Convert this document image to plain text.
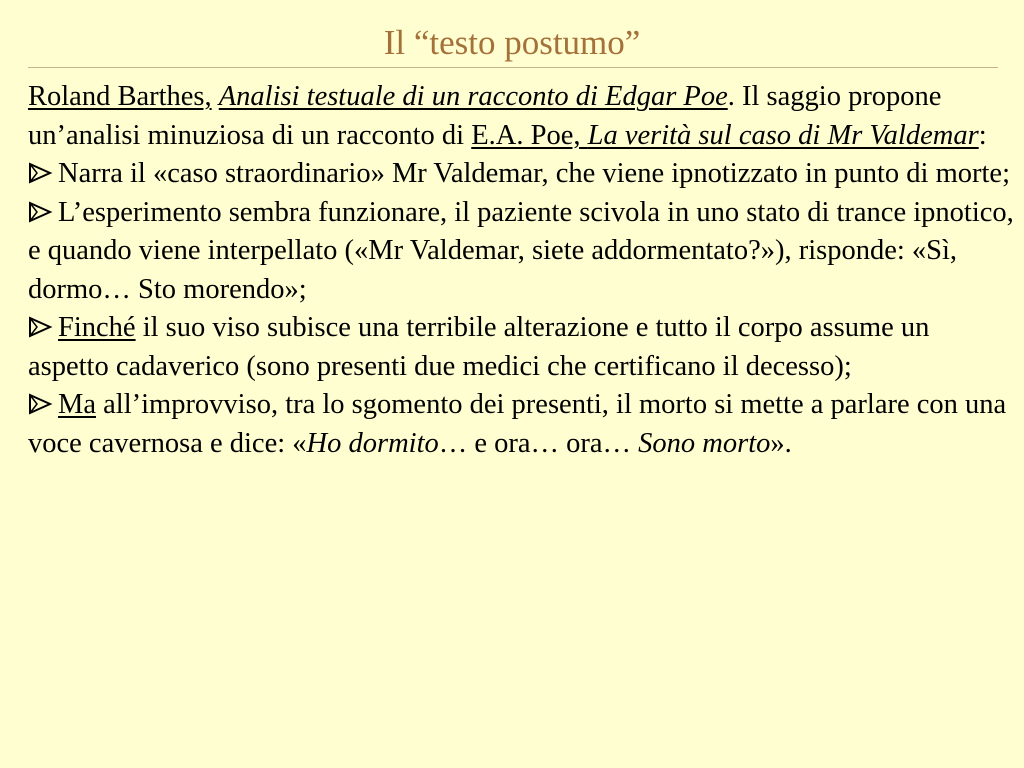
Il “testo postumo”

Roland Barthes, Analisi testuale di un racconto di Edgar Poe. Il saggio propone un’analisi minuziosa di un racconto di E.A. Poe, La verità sul caso di Mr Valdemar:

Narra il «caso straordinario» Mr Valdemar, che viene ipnotizzato in punto di morte;

L’esperimento sembra funzionare, il paziente scivola in uno stato di trance ipnotico, e quando viene interpellato («Mr Valdemar, siete addormentato?»), risponde: «Sì, dormo… Sto morendo»;

Finché il suo viso subisce una terribile alterazione e tutto il corpo assume un aspetto cadaverico (sono presenti due medici che certificano il decesso);

Ma all’improvviso, tra lo sgomento dei presenti, il morto si mette a parlare con una voce cavernosa e dice: «Ho dormito… e ora… ora… Sono morto».
